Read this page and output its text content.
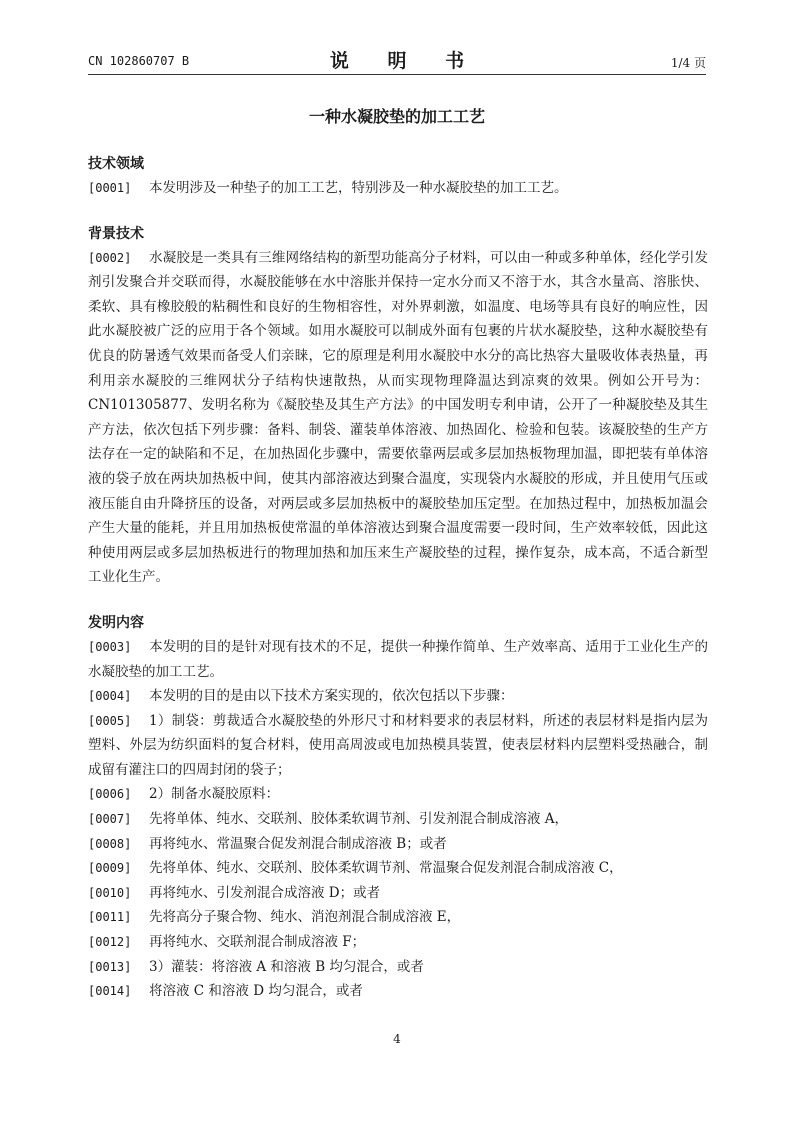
CN 102860707 B	说 明 书	1/4 页
一种水凝胶垫的加工工艺
技术领域

[0001] 本发明涉及一种垫子的加工工艺，特别涉及一种水凝胶垫的加工工艺。

背景技术

[0002] 水凝胶是一类具有三维网络结构的新型功能高分子材料，可以由一种或多种单体，经化学引发剂引发聚合并交联而得，水凝胶能够在水中溶胀并保持一定水分而又不溶于水，其含水量高、溶胀快、柔软、具有橡胶般的粘稠性和良好的生物相容性，对外界刺激，如温度、电场等具有良好的响应性，因此水凝胶被广泛的应用于各个领域。如用水凝胶可以制成外面有包裹的片状水凝胶垫，这种水凝胶垫有优良的防暑透气效果而备受人们亲睐，它的原理是利用水凝胶中水分的高比热容大量吸收体表热量，再利用亲水凝胶的三维网状分子结构快速散热，从而实现物理降温达到凉爽的效果。例如公开号为：CN101305877、发明名称为《凝胶垫及其生产方法》的中国发明专利申请，公开了一种凝胶垫及其生产方法，依次包括下列步骤：备料、制袋、灌装单体溶液、加热固化、检验和包装。该凝胶垫的生产方法存在一定的缺陷和不足，在加热固化步骤中，需要依靠两层或多层加热板物理加温，即把装有单体溶液的袋子放在两块加热板中间，使其内部溶液达到聚合温度，实现袋内水凝胶的形成，并且使用气压或液压能自由升降挤压的设备，对两层或多层加热板中的凝胶垫加压定型。在加热过程中，加热板加温会产生大量的能耗，并且用加热板使常温的单体溶液达到聚合温度需要一段时间，生产效率较低，因此这种使用两层或多层加热板进行的物理加热和加压来生产凝胶垫的过程，操作复杂，成本高，不适合新型工业化生产。

发明内容

[0003] 本发明的目的是针对现有技术的不足，提供一种操作简单、生产效率高、适用于工业化生产的水凝胶垫的加工工艺。

[0004] 本发明的目的是由以下技术方案实现的，依次包括以下步骤：

[0005] 1）制袋：剪裁适合水凝胶垫的外形尺寸和材料要求的表层材料，所述的表层材料是指内层为塑料、外层为纺织面料的复合材料，使用高周波或电加热模具装置，使表层材料内层塑料受热融合，制成留有灌注口的四周封闭的袋子；

[0006] 2）制备水凝胶原料：

[0007] 先将单体、纯水、交联剂、胶体柔软调节剂、引发剂混合制成溶液 A，

[0008] 再将纯水、常温聚合促发剂混合制成溶液 B；或者

[0009] 先将单体、纯水、交联剂、胶体柔软调节剂、常温聚合促发剂混合制成溶液 C，

[0010] 再将纯水、引发剂混合成溶液 D；或者

[0011] 先将高分子聚合物、纯水、消泡剂混合制成溶液 E，

[0012] 再将纯水、交联剂混合制成溶液 F；

[0013] 3）灌装：将溶液 A 和溶液 B 均匀混合，或者

[0014] 将溶液 C 和溶液 D 均匀混合，或者

4
